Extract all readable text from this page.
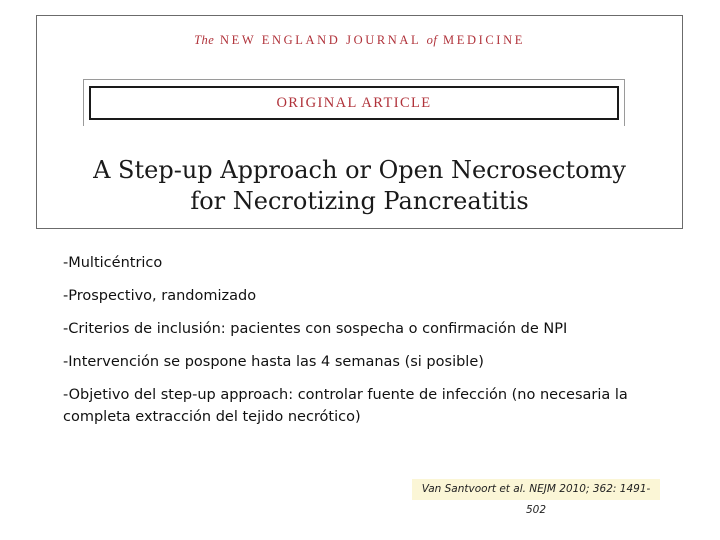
The NEW ENGLAND JOURNAL of MEDICINE
ORIGINAL ARTICLE
A Step-up Approach or Open Necrosectomy
for Necrotizing Pancreatitis
-Multicéntrico
-Prospectivo, randomizado
-Criterios de inclusión: pacientes con sospecha o confirmación de NPI
-Intervención se pospone hasta las 4 semanas (si posible)
-Objetivo del step-up approach: controlar fuente de infección (no necesaria la completa extracción del tejido necrótico)
Van Santvoort et al. NEJM 2010; 362: 1491-502
